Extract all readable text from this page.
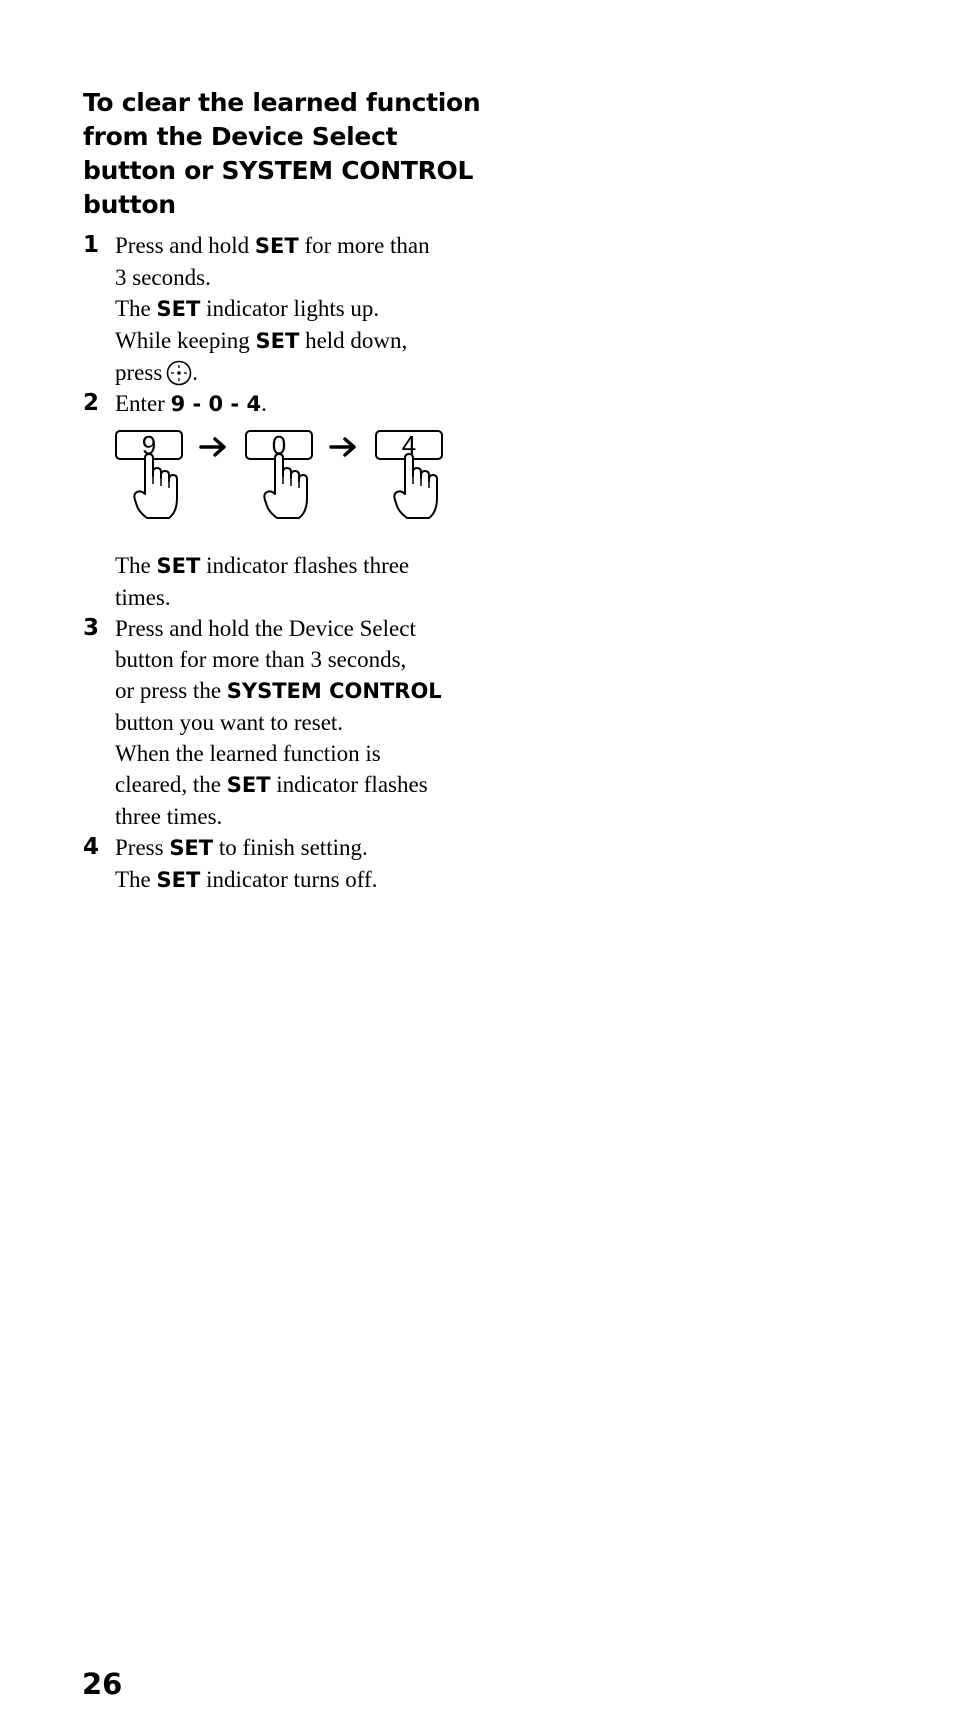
To clear the learned function
from the Device Select
button or SYSTEM CONTROL
button
1 Press and hold SET for more than
3 seconds.
The SET indicator lights up.
While keeping SET held down,
press .
2 Enter 9 - 0 - 4.
9	0	4
The SET indicator flashes three
times.
3 Press and hold the Device Select
button for more than 3 seconds,
or press the SYSTEM CONTROL
button you want to reset.
When the learned function is
cleared, the SET indicator flashes
three times.
4 Press SET to finish setting.
The SET indicator turns off.
26
